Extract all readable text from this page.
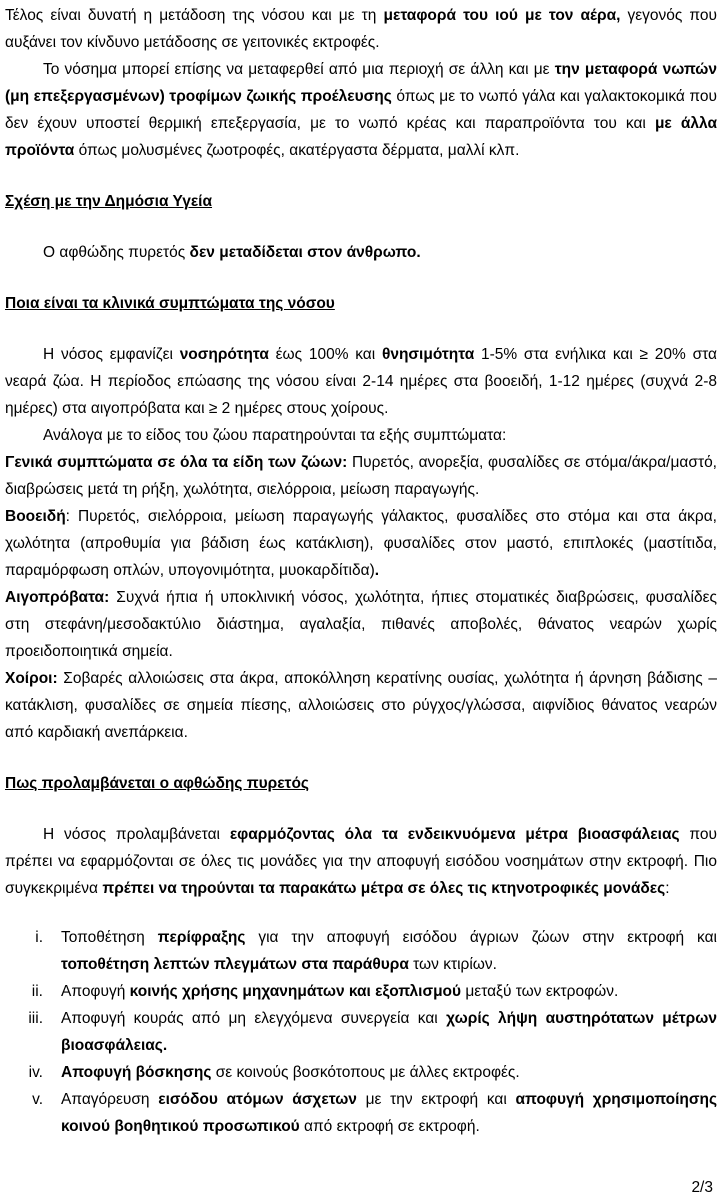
Τέλος είναι δυνατή η μετάδοση της νόσου και με τη μεταφορά του ιού με τον αέρα, γεγονός που αυξάνει τον κίνδυνο μετάδοσης σε γειτονικές εκτροφές.
Το νόσημα μπορεί επίσης να μεταφερθεί από μια περιοχή σε άλλη και με την μεταφορά νωπών (μη επεξεργασμένων) τροφίμων ζωικής προέλευσης όπως με το νωπό γάλα και γαλακτοκομικά που δεν έχουν υποστεί θερμική επεξεργασία, με το νωπό κρέας και παραπροϊόντα του και με άλλα προϊόντα όπως μολυσμένες ζωοτροφές, ακατέργαστα δέρματα, μαλλί κλπ.
Σχέση με την Δημόσια Υγεία
Ο αφθώδης πυρετός δεν μεταδίδεται στον άνθρωπο.
Ποια είναι τα κλινικά συμπτώματα της νόσου
Η νόσος εμφανίζει νοσηρότητα έως 100% και θνησιμότητα 1-5% στα ενήλικα και ≥ 20% στα νεαρά ζώα. Η περίοδος επώασης της νόσου είναι 2-14 ημέρες στα βοοειδή, 1-12 ημέρες (συχνά 2-8 ημέρες) στα αιγοπρόβατα και ≥ 2 ημέρες στους χοίρους.
Ανάλογα με το είδος του ζώου παρατηρούνται τα εξής συμπτώματα:
Γενικά συμπτώματα σε όλα τα είδη των ζώων: Πυρετός, ανορεξία, φυσαλίδες σε στόμα/άκρα/μαστό, διαβρώσεις μετά τη ρήξη, χωλότητα, σιελόρροια, μείωση παραγωγής.
Βοοειδή: Πυρετός, σιελόρροια, μείωση παραγωγής γάλακτος, φυσαλίδες στο στόμα και στα άκρα, χωλότητα (απροθυμία για βάδιση έως κατάκλιση), φυσαλίδες στον μαστό, επιπλοκές (μαστίτιδα, παραμόρφωση οπλών, υπογονιμότητα, μυοκαρδίτιδα).
Αιγοπρόβατα: Συχνά ήπια ή υποκλινική νόσος, χωλότητα, ήπιες στοματικές διαβρώσεις, φυσαλίδες στη στεφάνη/μεσοδακτύλιο διάστημα, αγαλαξία, πιθανές αποβολές, θάνατος νεαρών χωρίς προειδοποιητικά σημεία.
Χοίροι: Σοβαρές αλλοιώσεις στα άκρα, αποκόλληση κερατίνης ουσίας, χωλότητα ή άρνηση βάδισης – κατάκλιση, φυσαλίδες σε σημεία πίεσης, αλλοιώσεις στο ρύγχος/γλώσσα, αιφνίδιος θάνατος νεαρών από καρδιακή ανεπάρκεια.
Πως προλαμβάνεται ο αφθώδης πυρετός
Η νόσος προλαμβάνεται εφαρμόζοντας όλα τα ενδεικνυόμενα μέτρα βιοασφάλειας που πρέπει να εφαρμόζονται σε όλες τις μονάδες για την αποφυγή εισόδου νοσημάτων στην εκτροφή. Πιο συγκεκριμένα πρέπει να τηρούνται τα παρακάτω μέτρα σε όλες τις κτηνοτροφικές μονάδες:
i. Τοποθέτηση περίφραξης για την αποφυγή εισόδου άγριων ζώων στην εκτροφή και τοποθέτηση λεπτών πλεγμάτων στα παράθυρα των κτιρίων.
ii. Αποφυγή κοινής χρήσης μηχανημάτων και εξοπλισμού μεταξύ των εκτροφών.
iii. Αποφυγή κουράς από μη ελεγχόμενα συνεργεία και χωρίς λήψη αυστηρότατων μέτρων βιοασφάλειας.
iv. Αποφυγή βόσκησης σε κοινούς βοσκότοπους με άλλες εκτροφές.
v. Απαγόρευση εισόδου ατόμων άσχετων με την εκτροφή και αποφυγή χρησιμοποίησης κοινού βοηθητικού προσωπικού από εκτροφή σε εκτροφή.
2/3
